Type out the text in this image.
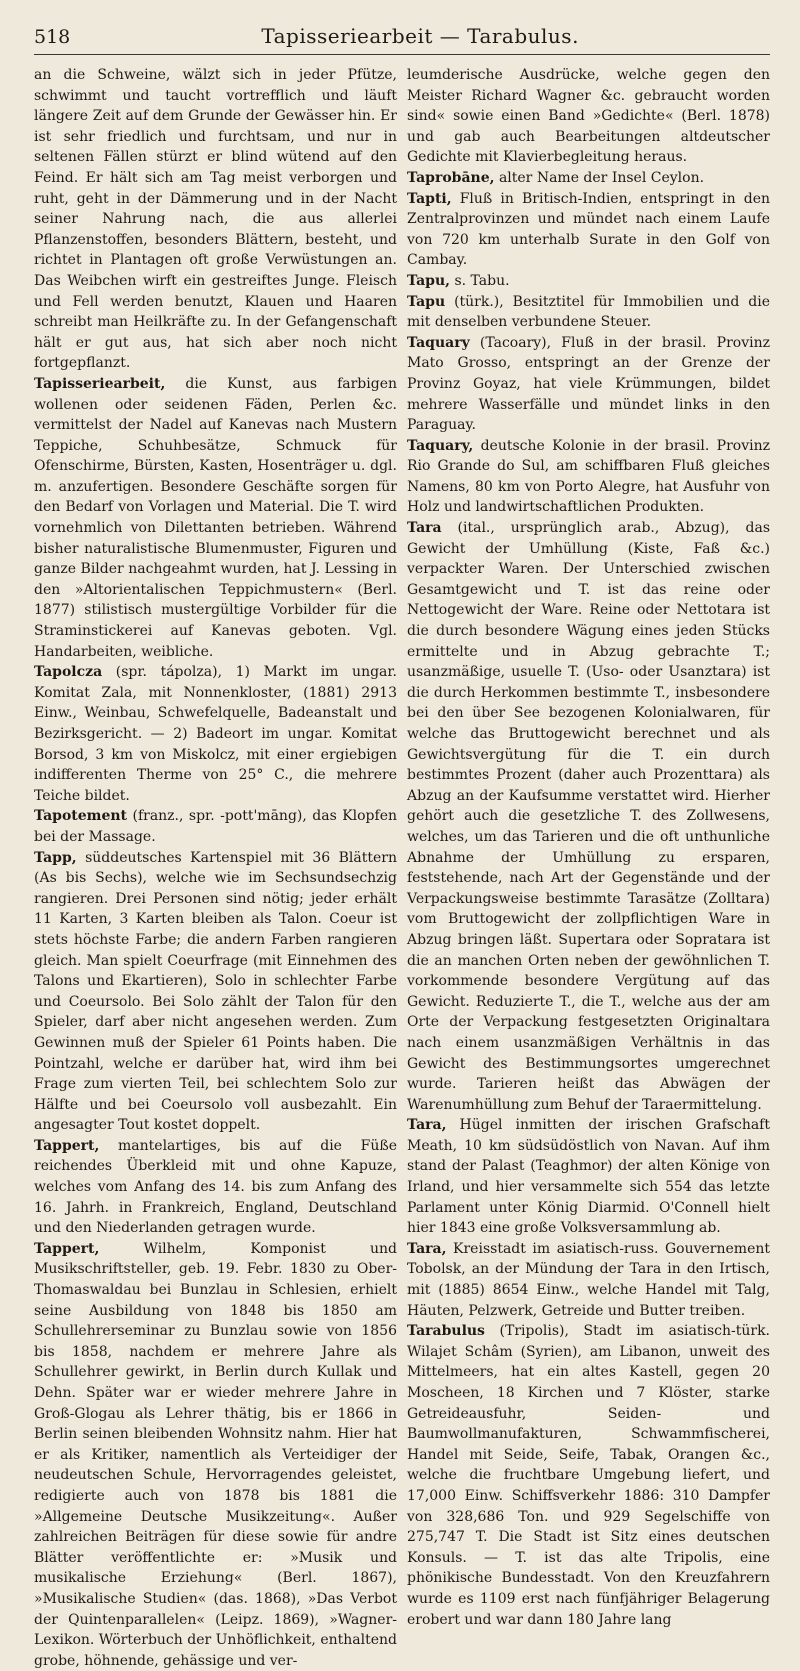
518	Tapisseriearbeit — Tarabulus.

an die Schweine, wälzt sich in jeder Pfütze, schwimmt und taucht vortrefflich und läuft längere Zeit auf dem Grunde der Gewässer hin. Er ist sehr friedlich und furchtsam, und nur in seltenen Fällen stürzt er blind wütend auf den Feind. Er hält sich am Tag meist verborgen und ruht, geht in der Dämmerung und in der Nacht seiner Nahrung nach, die aus allerlei Pflanzenstoffen, besonders Blättern, besteht, und richtet in Plantagen oft große Verwüstungen an. Das Weibchen wirft ein gestreiftes Junge. Fleisch und Fell werden benutzt, Klauen und Haaren schreibt man Heilkräfte zu. In der Gefangenschaft hält er gut aus, hat sich aber noch nicht fortgepflanzt.

Tapisseriearbeit, die Kunst, aus farbigen wollenen oder seidenen Fäden, Perlen &c. vermittelst der Nadel auf Kanevas nach Mustern Teppiche, Schuhbesätze, Schmuck für Ofenschirme, Bürsten, Kasten, Hosenträger u. dgl. m. anzufertigen. Besondere Geschäfte sorgen für den Bedarf von Vorlagen und Material. Die T. wird vornehmlich von Dilettanten betrieben. Während bisher naturalistische Blumenmuster, Figuren und ganze Bilder nachgeahmt wurden, hat J. Lessing in den »Altorientalischen Teppichmustern« (Berl. 1877) stilistisch mustergültige Vorbilder für die Straminstickerei auf Kanevas geboten. Vgl. Handarbeiten, weibliche.

Tapolcza (spr. tápolza), 1) Markt im ungar. Komitat Zala, mit Nonnenkloster, (1881) 2913 Einw., Weinbau, Schwefelquelle, Badeanstalt und Bezirksgericht. — 2) Badeort im ungar. Komitat Borsod, 3 km von Miskolcz, mit einer ergiebigen indifferenten Therme von 25° C., die mehrere Teiche bildet.

Tapotement (franz., spr. -pott'māng), das Klopfen bei der Massage.

Tapp, süddeutsches Kartenspiel mit 36 Blättern (As bis Sechs), welche wie im Sechsundsechzig rangieren. Drei Personen sind nötig; jeder erhält 11 Karten, 3 Karten bleiben als Talon. Coeur ist stets höchste Farbe; die andern Farben rangieren gleich. Man spielt Coeurfrage (mit Einnehmen des Talons und Ekartieren), Solo in schlechter Farbe und Coeursolo. Bei Solo zählt der Talon für den Spieler, darf aber nicht angesehen werden. Zum Gewinnen muß der Spieler 61 Points haben. Die Pointzahl, welche er darüber hat, wird ihm bei Frage zum vierten Teil, bei schlechtem Solo zur Hälfte und bei Coeursolo voll ausbezahlt. Ein angesagter Tout kostet doppelt.

Tappert, mantelartiges, bis auf die Füße reichendes Überkleid mit und ohne Kapuze, welches vom Anfang des 14. bis zum Anfang des 16. Jahrh. in Frankreich, England, Deutschland und den Niederlanden getragen wurde.

Tappert,	Wilhelm, Komponist und Musikschriftsteller, geb. 19. Febr. 1830 zu Ober-Thomaswaldau bei Bunzlau in Schlesien, erhielt seine Ausbildung von 1848 bis 1850 am Schullehrerseminar zu Bunzlau sowie von 1856 bis 1858, nachdem er mehrere Jahre als Schullehrer gewirkt, in Berlin durch Kullak und Dehn. Später war er wieder mehrere Jahre in Groß-Glogau als Lehrer thätig, bis er 1866 in Berlin seinen bleibenden Wohnsitz nahm. Hier hat er als Kritiker, namentlich als Verteidiger der neudeutschen Schule, Hervorragendes geleistet, redigierte auch von 1878 bis 1881 die »Allgemeine Deutsche Musikzeitung«. Außer zahlreichen Beiträgen für diese sowie für andre Blätter veröffentlichte er: »Musik und musikalische Erziehung« (Berl. 1867), »Musikalische Studien« (das. 1868), »Das Verbot der Quintenparallelen« (Leipz. 1869), »Wagner-Lexikon. Wörterbuch der Unhöflichkeit, enthaltend grobe, höhnende, gehässige und ver-

leumderische Ausdrücke, welche gegen den Meister Richard Wagner &c. gebraucht worden sind« sowie einen Band »Gedichte« (Berl. 1878) und gab auch Bearbeitungen altdeutscher Gedichte mit Klavierbegleitung heraus.

Taprobāne, alter Name der Insel Ceylon.

Tapti, Fluß in Britisch-Indien, entspringt in den Zentralprovinzen und mündet nach einem Laufe von 720 km unterhalb Surate in den Golf von Cambay.

Tapu, s. Tabu.

Tapu (türk.), Besitztitel für Immobilien und die mit denselben verbundene Steuer.

Taquary (Tacoary), Fluß in der brasil. Provinz Mato Grosso, entspringt an der Grenze der Provinz Goyaz, hat viele Krümmungen, bildet mehrere Wasserfälle und mündet links in den Paraguay.

Taquary, deutsche Kolonie in der brasil. Provinz Rio Grande do Sul, am schiffbaren Fluß gleiches Namens, 80 km von Porto Alegre, hat Ausfuhr von Holz und landwirtschaftlichen Produkten.

Tara (ital., ursprünglich arab., Abzug), das Gewicht der Umhüllung (Kiste, Faß &c.) verpackter Waren. Der Unterschied zwischen Gesamtgewicht und T. ist das reine oder Nettogewicht der Ware. Reine oder Nettotara ist die durch besondere Wägung eines jeden Stücks ermittelte und in Abzug gebrachte T.; usanzmäßige, usuelle T. (Uso- oder Usanztara) ist die durch Herkommen bestimmte T., insbesondere bei den über See bezogenen Kolonialwaren, für welche das Bruttogewicht berechnet und als Gewichtsvergütung für die T. ein durch bestimmtes Prozent (daher auch Prozenttara) als Abzug an der Kaufsumme verstattet wird. Hierher gehört auch die gesetzliche T. des Zollwesens, welches, um das Tarieren und die oft unthunliche Abnahme der Umhüllung zu ersparen, feststehende, nach Art der Gegenstände und der Verpackungsweise bestimmte Tarasätze (Zolltara) vom Bruttogewicht der zollpflichtigen Ware in Abzug bringen läßt. Supertara oder Sopratara ist die an manchen Orten neben der gewöhnlichen T. vorkommende besondere Vergütung auf das Gewicht. Reduzierte T., die T., welche aus der am Orte der Verpackung festgesetzten Originaltara nach einem usanzmäßigen Verhältnis in das Gewicht des Bestimmungsortes umgerechnet wurde. Tarieren heißt das Abwägen der Warenumhüllung zum Behuf der Taraermittelung.

Tara, Hügel inmitten der irischen Grafschaft Meath, 10 km südsüdöstlich von Navan. Auf ihm stand der Palast (Teaghmor) der alten Könige von Irland, und hier versammelte sich 554 das letzte Parlament unter König Diarmid. O'Connell hielt hier 1843 eine große Volksversammlung ab.

Tara, Kreisstadt im asiatisch-russ. Gouvernement Tobolsk, an der Mündung der Tara in den Irtisch, mit (1885) 8654 Einw., welche Handel mit Talg, Häuten, Pelzwerk, Getreide und Butter treiben.

Tarabulus (Tripolis), Stadt im asiatisch-türk. Wilajet Schâm (Syrien), am Libanon, unweit des Mittelmeers, hat ein altes Kastell, gegen 20 Moscheen, 18 Kirchen und 7 Klöster, starke Getreideausfuhr, Seiden- und Baumwollmanufakturen, Schwammfischerei, Handel mit Seide, Seife, Tabak, Orangen &c., welche die fruchtbare Umgebung liefert, und 17,000 Einw. Schiffsverkehr 1886: 310 Dampfer von 328,686 Ton. und 929 Segelschiffe von 275,747 T. Die Stadt ist Sitz eines deutschen Konsuls. — T. ist das alte Tripolis, eine phönikische Bundesstadt. Von den Kreuzfahrern wurde es 1109 erst nach fünfjähriger Belagerung erobert und war dann 180 Jahre lang
